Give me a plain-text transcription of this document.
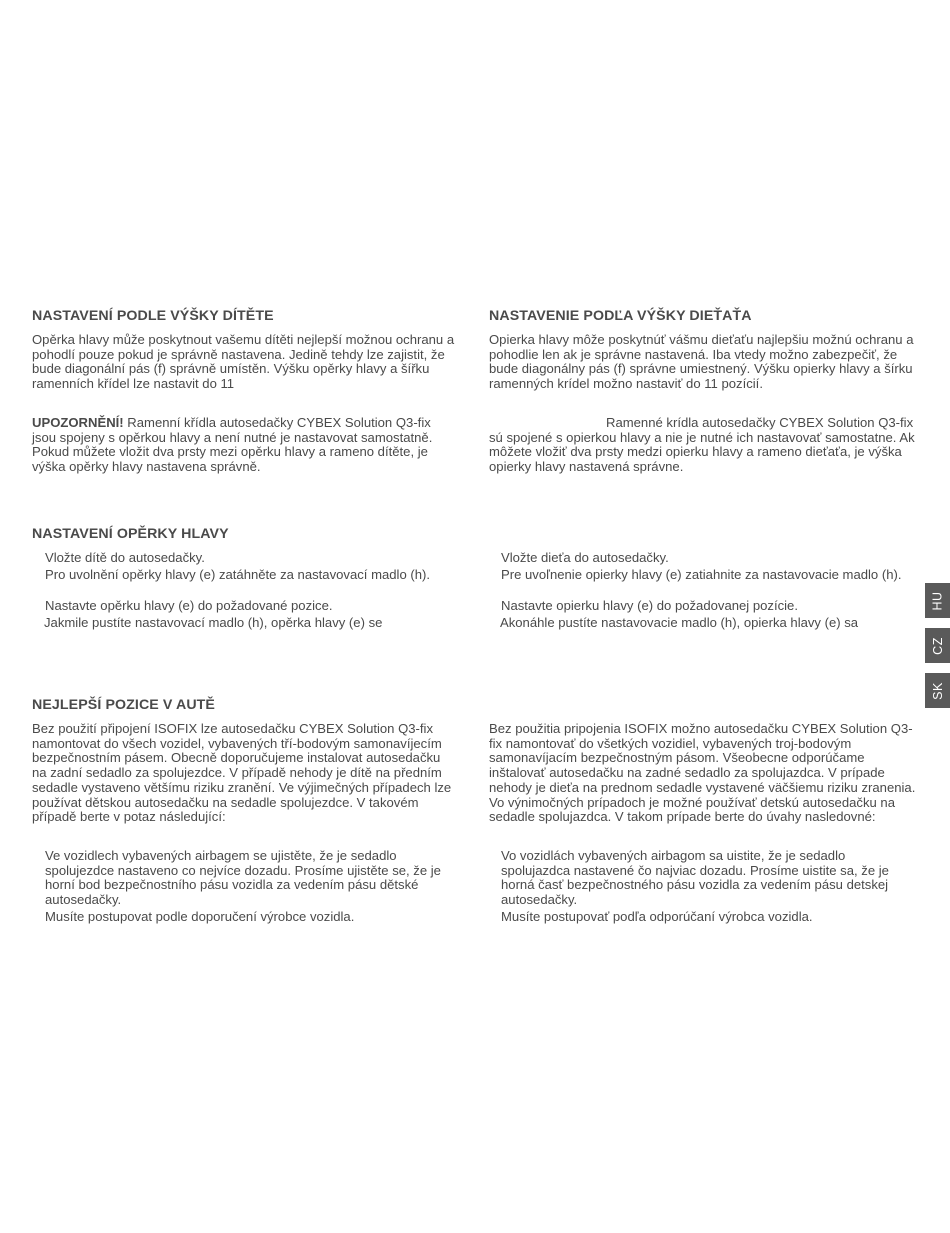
NASTAVENÍ PODLE VÝŠKY DÍTĚTE
Opěrka hlavy může poskytnout vašemu dítěti nejlepší možnou ochranu a pohodlí pouze pokud je správně nastavena. Jedině tehdy lze zajistit, že bude diagonální pás (f) správně umístěn. Výšku opěrky hlavy a šířku ramenních křídel lze nastavit do 11
UPOZORNĚNÍ! Ramenní křídla autosedačky CYBEX Solution Q3-fix jsou spojeny s opěrkou hlavy a není nutné je nastavovat samostatně. Pokud můžete vložit dva prsty mezi opěrku hlavy a rameno dítěte, je výška opěrky hlavy nastavena správně.
NASTAVENÍ OPĚRKY HLAVY
Vložte dítě do autosedačky.
Pro uvolnění opěrky hlavy (e) zatáhněte za nastavovací madlo (h).
Nastavte opěrku hlavy (e) do požadované pozice.
Jakmile pustíte nastavovací madlo (h), opěrka hlavy (e) se
NEJLEPŠÍ POZICE V AUTĚ
Bez použití připojení ISOFIX lze autosedačku CYBEX Solution Q3-fix namontovat do všech vozidel, vybavených tří-bodovým samonavíjecím bezpečnostním pásem. Obecně doporučujeme instalovat autosedačku na zadní sedadlo za spolujezdce. V případě nehody je dítě na předním sedadle vystaveno většímu riziku zranění. Ve výjimečných případech lze používat dětskou autosedačku na sedadle spolujezdce. V takovém případě berte v potaz následující:
Ve vozidlech vybavených airbagem se ujistěte, že je sedadlo spolujezdce nastaveno co nejvíce dozadu. Prosíme ujistěte se, že je horní bod bezpečnostního pásu vozidla za vedením pásu dětské autosedačky.
Musíte postupovat podle doporučení výrobce vozidla.
NASTAVENIE PODĽA VÝŠKY DIEŤAŤA
Opierka hlavy môže poskytnúť vášmu dieťaťu najlepšiu možnú ochranu a pohodlie len ak je správne nastavená. Iba vtedy možno zabezpečiť, že bude diagonálny pás (f) správne umiestnený. Výšku opierky hlavy a šírku ramenných krídel možno nastaviť do 11 pozícií.
Ramenné krídla autosedačky CYBEX Solution Q3-fix sú spojené s opierkou hlavy a nie je nutné ich nastavovať samostatne. Ak môžete vložiť dva prsty medzi opierku hlavy a rameno dieťaťa, je výška opierky hlavy nastavená správne.
Vložte dieťa do autosedačky.
Pre uvoľnenie opierky hlavy (e) zatiahnite za nastavovacie madlo (h).
Nastavte opierku hlavy (e) do požadovanej pozície.
Akonáhle pustíte nastavovacie madlo (h), opierka hlavy (e) sa
Bez použitia pripojenia ISOFIX možno autosedačku CYBEX Solution Q3-fix namontovať do všetkých vozidiel, vybavených troj-bodovým samonavíjacím bezpečnostným pásom. Všeobecne odporúčame inštalovať autosedačku na zadné sedadlo za spolujazdca. V prípade nehody je dieťa na prednom sedadle vystavené väčšiemu riziku zranenia. Vo výnimočných prípadoch je možné používať detskú autosedačku na sedadle spolujazdca. V takom prípade berte do úvahy nasledovné:
Vo vozidlách vybavených airbagom sa uistite, že je sedadlo spolujazdca nastavené čo najviac dozadu. Prosíme uistite sa, že je horná časť bezpečnostného pásu vozidla za vedením pásu detskej autosedačky.
Musíte postupovať podľa odporúčaní výrobca vozidla.
HU
CZ
SK
